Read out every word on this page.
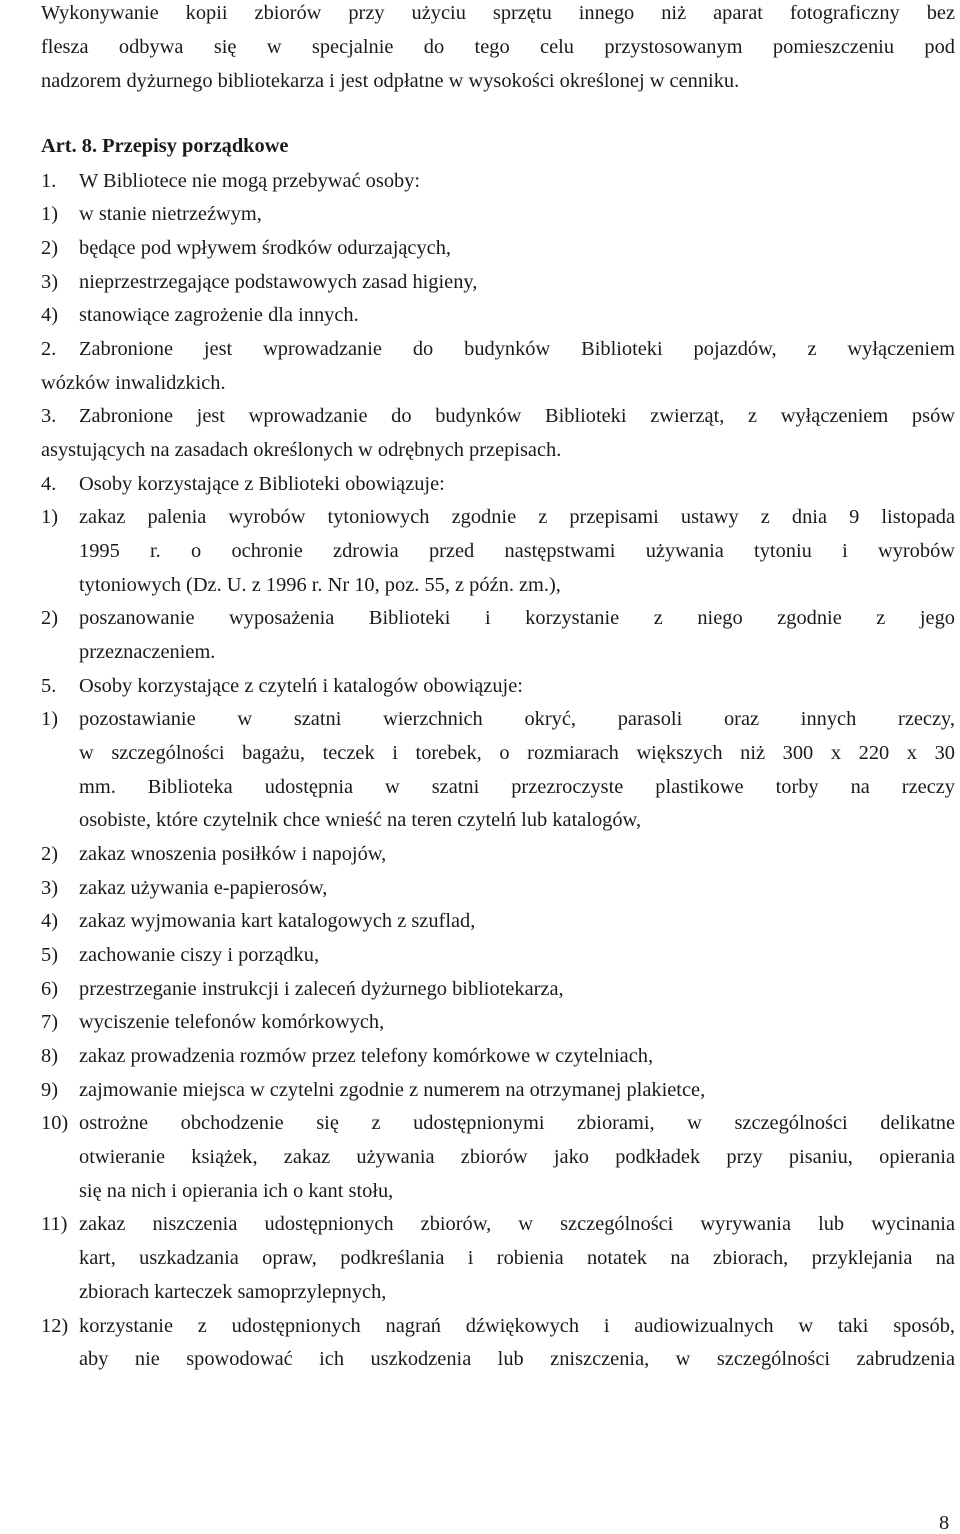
Wykonywanie kopii zbiorów przy użyciu sprzętu innego niż aparat fotograficzny bez
flesza odbywa się w specjalnie do tego celu przystosowanym pomieszczeniu pod
nadzorem dyżurnego bibliotekarza i jest odpłatne w wysokości określonej w cenniku.
Art. 8. Przepisy porządkowe
1. W Bibliotece nie mogą przebywać osoby:
1) w stanie nietrzeźwym,
2) będące pod wpływem środków odurzających,
3) nieprzestrzegające podstawowych zasad higieny,
4) stanowiące zagrożenie dla innych.
2. Zabronione jest wprowadzanie do budynków Biblioteki pojazdów, z wyłączeniem
wózków inwalidzkich.
3. Zabronione jest wprowadzanie do budynków Biblioteki zwierząt, z wyłączeniem psów
asystujących na zasadach określonych w odrębnych przepisach.
4. Osoby korzystające z Biblioteki obowiązuje:
1) zakaz palenia wyrobów tytoniowych zgodnie z przepisami ustawy z dnia 9 listopada
1995 r. o ochronie zdrowia przed następstwami używania tytoniu i wyrobów
tytoniowych (Dz. U. z 1996 r. Nr 10, poz. 55, z późn. zm.),
2) poszanowanie wyposażenia Biblioteki i korzystanie z niego zgodnie z jego
przeznaczeniem.
5. Osoby korzystające z czytelń i katalogów obowiązuje:
1) pozostawianie w szatni wierzchnich okryć, parasoli oraz innych rzeczy,
w szczególności bagażu, teczek i torebek, o rozmiarach większych niż 300 x 220 x 30
mm. Biblioteka udostępnia w szatni przezroczyste plastikowe torby na rzeczy
osobiste, które czytelnik chce wnieść na teren czytelń lub katalogów,
2) zakaz wnoszenia posiłków i napojów,
3) zakaz używania e-papierosów,
4) zakaz wyjmowania kart katalogowych z szuflad,
5) zachowanie ciszy i porządku,
6) przestrzeganie instrukcji i zaleceń dyżurnego bibliotekarza,
7) wyciszenie telefonów komórkowych,
8) zakaz prowadzenia rozmów przez telefony komórkowe w czytelniach,
9) zajmowanie miejsca w czytelni zgodnie z numerem na otrzymanej plakietce,
10) ostrożne obchodzenie się z udostępnionymi zbiorami, w szczególności delikatne
otwieranie książek, zakaz używania zbiorów jako podkładek przy pisaniu, opierania
się na nich i opierania ich o kant stołu,
11) zakaz niszczenia udostępnionych zbiorów, w szczególności wyrywania lub wycinania
kart, uszkadzania opraw, podkreślania i robienia notatek na zbiorach, przyklejania na
zbiorach karteczek samoprzylepnych,
12) korzystanie z udostępnionych nagrań dźwiękowych i audiowizualnych w taki sposób,
aby nie spowodować ich uszkodzenia lub zniszczenia, w szczególności zabrudzenia
8
